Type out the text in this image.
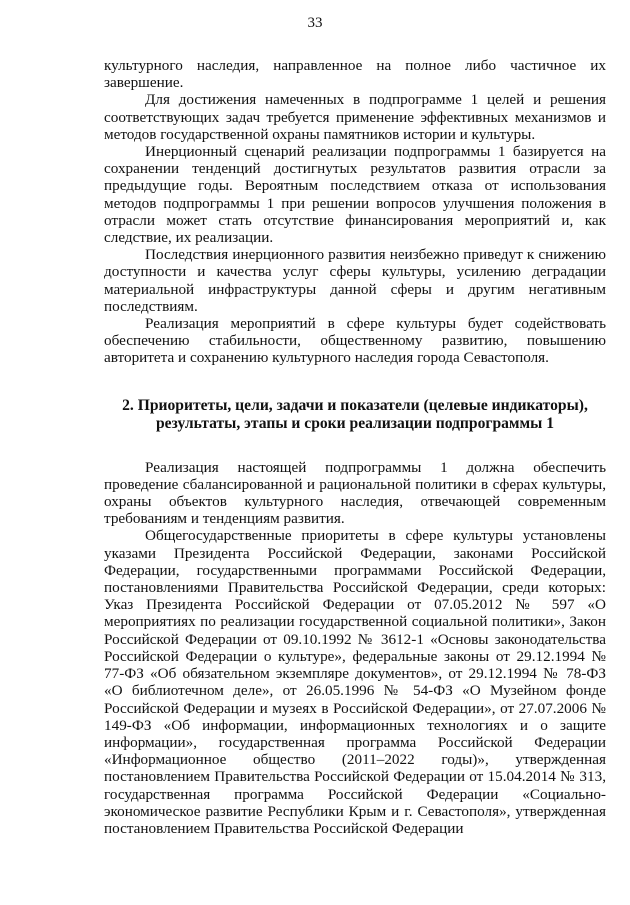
33

культурного наследия, направленное на полное либо частичное их завершение.

Для достижения намеченных в подпрограмме 1 целей и решения соответствующих задач требуется применение эффективных механизмов и методов государственной охраны памятников истории и культуры.

Инерционный сценарий реализации подпрограммы 1 базируется на сохранении тенденций достигнутых результатов развития отрасли за предыдущие годы. Вероятным последствием отказа от использования методов подпрограммы 1 при решении вопросов улучшения положения в отрасли может стать отсутствие финансирования мероприятий и, как следствие, их реализации.

Последствия инерционного развития неизбежно приведут к снижению доступности и качества услуг сферы культуры, усилению деградации материальной инфраструктуры данной сферы и другим негативным последствиям.

Реализация мероприятий в сфере культуры будет содействовать обеспечению стабильности, общественному развитию, повышению авторитета и сохранению культурного наследия города Севастополя.

2. Приоритеты, цели, задачи и показатели (целевые индикаторы),
результаты, этапы и сроки реализации подпрограммы 1

Реализация настоящей подпрограммы 1 должна обеспечить проведение сбалансированной и рациональной политики в сферах культуры, охраны объектов культурного наследия, отвечающей современным требованиям и тенденциям развития.

Общегосударственные приоритеты в сфере культуры установлены указами Президента Российской Федерации, законами Российской Федерации, государственными программами Российской Федерации, постановлениями Правительства Российской Федерации, среди которых: Указ Президента Российской Федерации от 07.05.2012 № 597 «О мероприятиях по реализации государственной социальной политики», Закон Российской Федерации от 09.10.1992 № 3612-1 «Основы законодательства Российской Федерации о культуре», федеральные законы от 29.12.1994 № 77-ФЗ «Об обязательном экземпляре документов», от 29.12.1994 № 78-ФЗ «О библиотечном деле», от 26.05.1996 № 54-ФЗ «О Музейном фонде Российской Федерации и музеях в Российской Федерации», от 27.07.2006 № 149-ФЗ «Об информации, информационных технологиях и о защите информации», государственная программа Российской Федерации «Информационное общество (2011–2022 годы)», утвержденная постановлением Правительства Российской Федерации от 15.04.2014 № 313, государственная программа Российской Федерации «Социально-экономическое развитие Республики Крым и г. Севастополя», утвержденная постановлением Правительства Российской Федерации
